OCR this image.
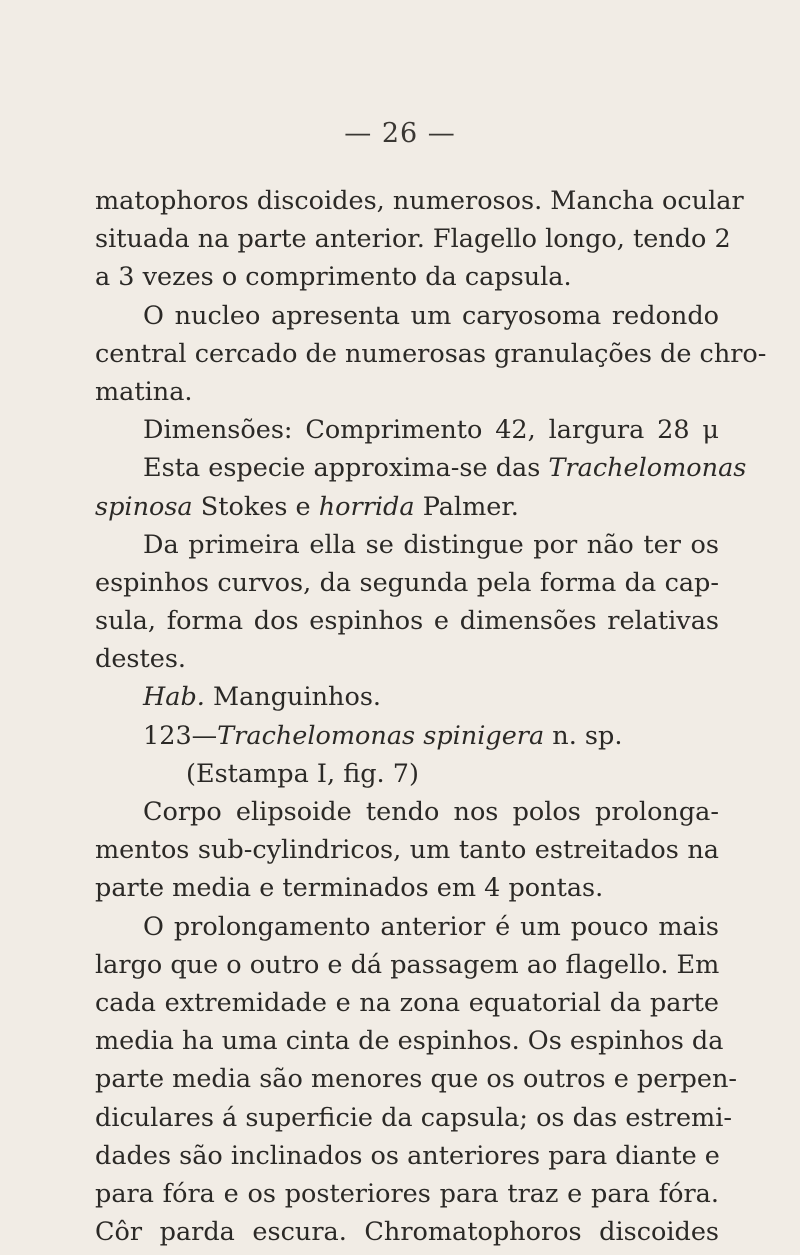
— 26 —
matophoros discoides, numerosos. Mancha ocular
situada na parte anterior. Flagello longo, tendo 2
a 3 vezes o comprimento da capsula.
O nucleo apresenta um caryosoma redondo
central cercado de numerosas granulações de chro-
matina.
Dimensões: Comprimento 42, largura 28 μ
Esta especie approxima-se das Trachelomonas
spinosa Stokes e horrida Palmer.
Da primeira ella se distingue por não ter os
espinhos curvos, da segunda pela forma da cap-
sula, forma dos espinhos e dimensões relativas
destes.
Hab. Manguinhos.
123—Trachelomonas spinigera n. sp.
(Estampa I, fig. 7)
Corpo elipsoide tendo nos polos prolonga-
mentos sub-cylindricos, um tanto estreitados na
parte media e terminados em 4 pontas.
O prolongamento anterior é um pouco mais
largo que o outro e dá passagem ao flagello. Em
cada extremidade e na zona equatorial da parte
media ha uma cinta de espinhos. Os espinhos da
parte media são menores que os outros e perpen-
diculares á superficie da capsula; os das estremi-
dades são inclinados os anteriores para diante e
para fóra e os posteriores para traz e para fóra.
Côr parda escura. Chromatophoros discoides
